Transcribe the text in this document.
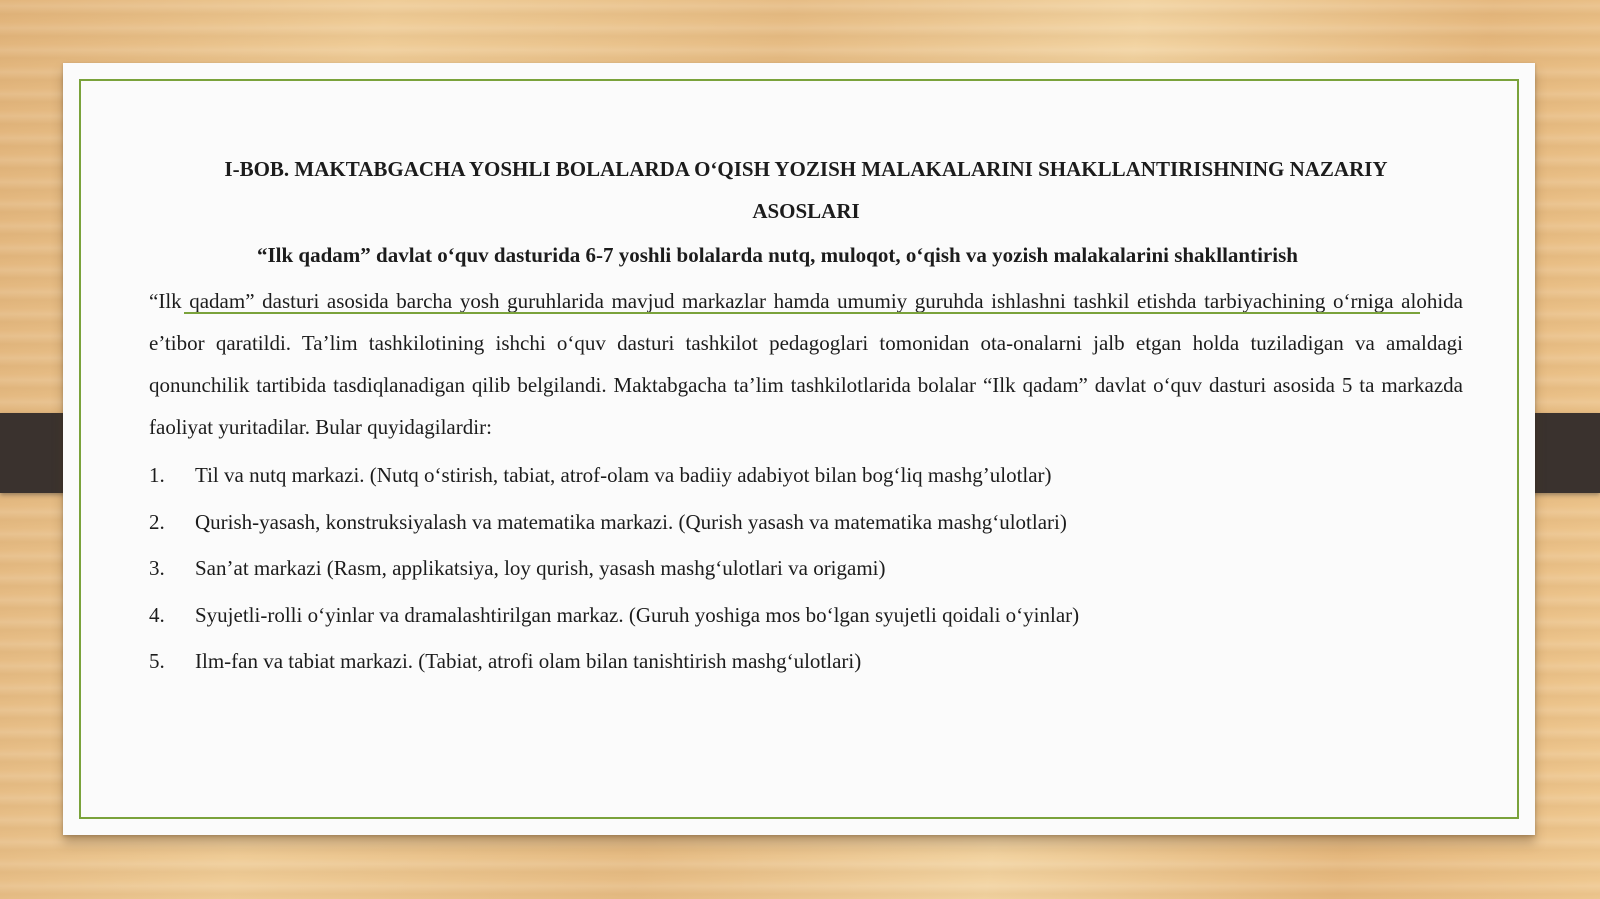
I-BOB. MAKTABGACHA YOSHLI BOLALARDA O‘QISH YOZISH MALAKALARINI SHAKLLANTIRISHNING NAZARIY
ASOSLARI

“Ilk qadam” davlat o‘quv dasturida 6-7 yoshli bolalarda nutq, muloqot, o‘qish va yozish malakalarini shakllantirish

“Ilk qadam” dasturi asosida barcha yosh guruhlarida mavjud markazlar hamda umumiy guruhda ishlashni tashkil etishda tarbiyachining o‘rniga alohida e’tibor qaratildi. Ta’lim tashkilotining ishchi o‘quv dasturi tashkilot pedagoglari tomonidan ota-onalarni jalb etgan holda tuziladigan va amaldagi qonunchilik tartibida tasdiqlanadigan qilib belgilandi. Maktabgacha ta’lim tashkilotlarida bolalar “Ilk qadam” davlat o‘quv dasturi asosida 5 ta markazda faoliyat yuritadilar. Bular quyidagilardir:
1.	Til va nutq markazi. (Nutq o‘stirish, tabiat, atrof-olam va badiiy adabiyot bilan bog‘liq mashg’ulotlar)
2.	Qurish-yasash, konstruksiyalash va matematika markazi. (Qurish yasash va matematika mashg‘ulotlari)
3.	San’at markazi (Rasm, applikatsiya, loy qurish, yasash mashg‘ulotlari va origami)
4.	Syujetli-rolli o‘yinlar va dramalashtirilgan markaz. (Guruh yoshiga mos bo‘lgan syujetli qoidali o‘yinlar)
5.	Ilm-fan va tabiat markazi. (Tabiat, atrofi olam bilan tanishtirish mashg‘ulotlari)
